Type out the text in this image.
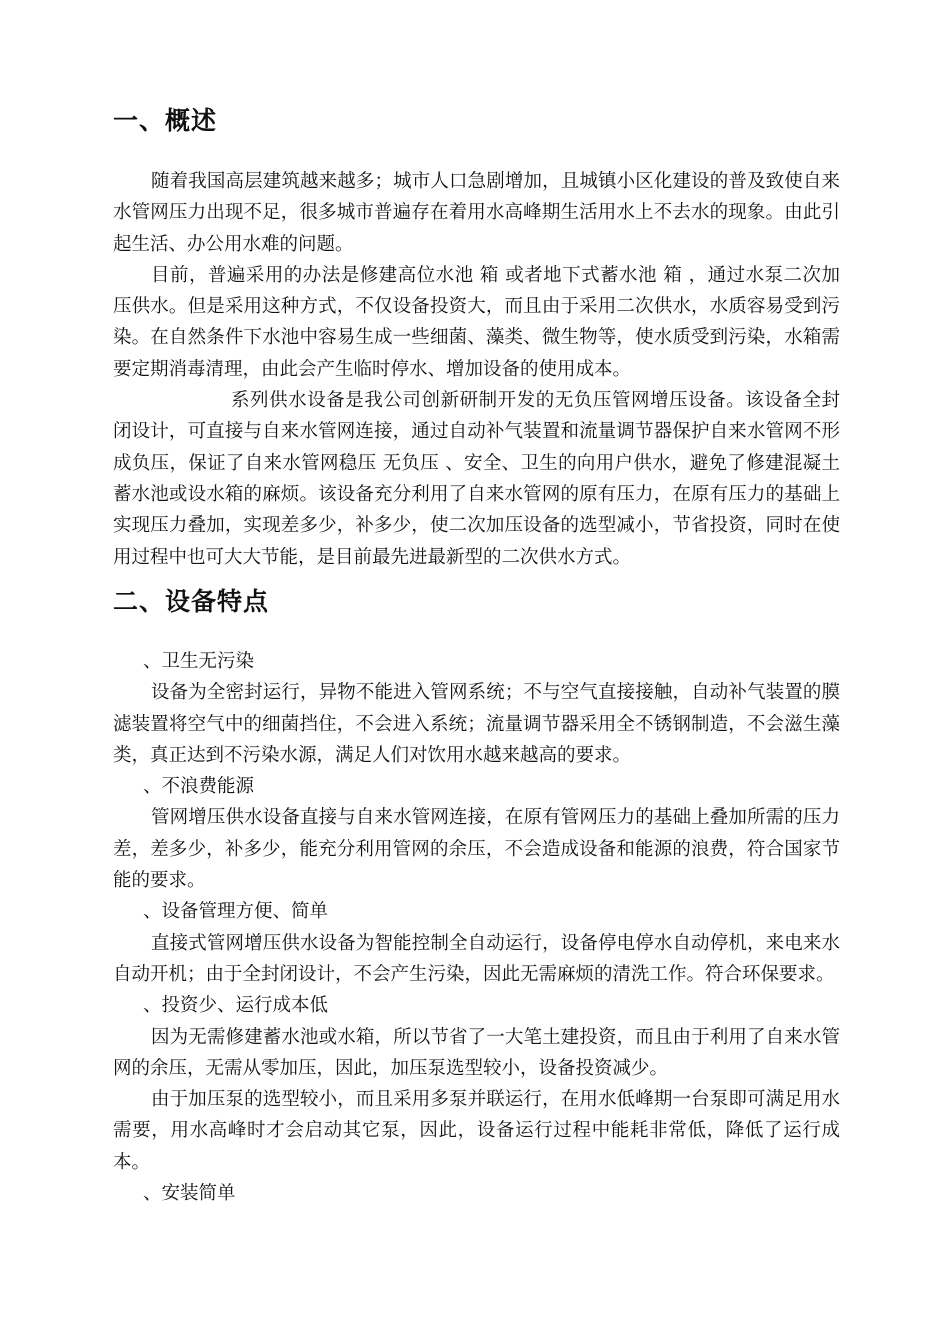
一、概述

随着我国高层建筑越来越多；城市人口急剧增加，且城镇小区化建设的普及致使自来水管网压力出现不足，很多城市普遍存在着用水高峰期生活用水上不去水的现象。由此引起生活、办公用水难的问题。

目前，普遍采用的办法是修建高位水池 箱 或者地下式蓄水池 箱 ，通过水泵二次加压供水。但是采用这种方式，不仅设备投资大，而且由于采用二次供水，水质容易受到污染。在自然条件下水池中容易生成一些细菌、藻类、微生物等，使水质受到污染，水箱需要定期消毒清理，由此会产生临时停水、增加设备的使用成本。

系列供水设备是我公司创新研制开发的无负压管网增压设备。该设备全封闭设计，可直接与自来水管网连接，通过自动补气装置和流量调节器保护自来水管网不形成负压，保证了自来水管网稳压 无负压 、安全、卫生的向用户供水，避免了修建混凝土蓄水池或设水箱的麻烦。该设备充分利用了自来水管网的原有压力，在原有压力的基础上实现压力叠加，实现差多少，补多少，使二次加压设备的选型减小，节省投资，同时在使用过程中也可大大节能，是目前最先进最新型的二次供水方式。

二、设备特点

、卫生无污染

设备为全密封运行，异物不能进入管网系统；不与空气直接接触，自动补气装置的膜滤装置将空气中的细菌挡住，不会进入系统；流量调节器采用全不锈钢制造，不会滋生藻类，真正达到不污染水源，满足人们对饮用水越来越高的要求。

、不浪费能源

管网增压供水设备直接与自来水管网连接，在原有管网压力的基础上叠加所需的压力差，差多少，补多少，能充分利用管网的余压，不会造成设备和能源的浪费，符合国家节能的要求。

、设备管理方便、简单

直接式管网增压供水设备为智能控制全自动运行，设备停电停水自动停机，来电来水自动开机；由于全封闭设计，不会产生污染，因此无需麻烦的清洗工作。符合环保要求。

、投资少、运行成本低

因为无需修建蓄水池或水箱，所以节省了一大笔土建投资，而且由于利用了自来水管网的余压，无需从零加压，因此，加压泵选型较小，设备投资减少。

由于加压泵的选型较小，而且采用多泵并联运行，在用水低峰期一台泵即可满足用水需要，用水高峰时才会启动其它泵，因此，设备运行过程中能耗非常低，降低了运行成本。

、安装简单
